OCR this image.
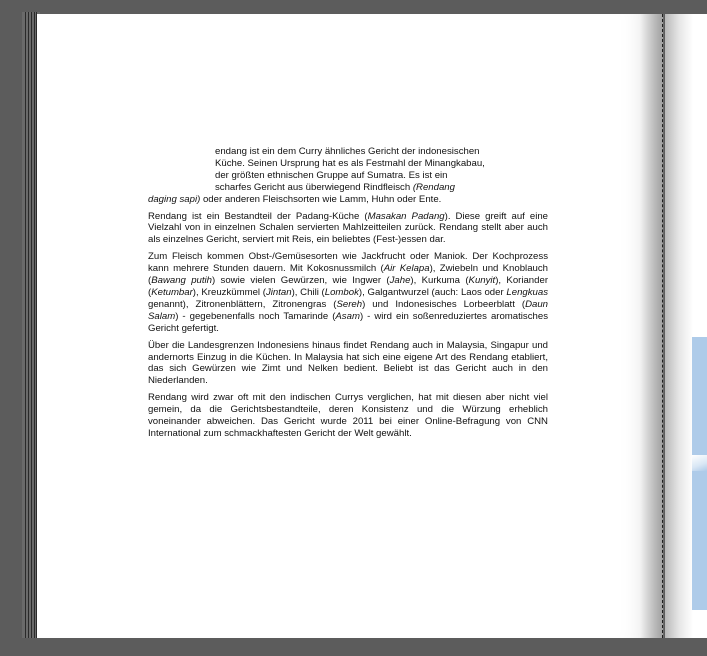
endang ist ein dem Curry ähnliches Gericht der indonesischen
Küche. Seinen Ursprung hat es als Festmahl der Minangkabau,
der größten ethnischen Gruppe auf Sumatra. Es ist ein
scharfes Gericht aus überwiegend Rindfleisch (Rendang
daging sapi) oder anderen Fleischsorten wie Lamm, Huhn oder Ente.

Rendang ist ein Bestandteil der Padang-Küche (Masakan Padang). Diese greift auf eine Vielzahl von in einzelnen Schalen servierten Mahlzeitteilen zurück. Rendang stellt aber auch als einzelnes Gericht, serviert mit Reis, ein beliebtes (Fest-)essen dar.

Zum Fleisch kommen Obst-/Gemüsesorten wie Jackfrucht oder Maniok. Der Kochprozess kann mehrere Stunden dauern. Mit Kokosnussmilch (Air Kelapa), Zwiebeln und Knoblauch (Bawang putih) sowie vielen Gewürzen, wie Ingwer (Jahe), Kurkuma (Kunyit), Koriander (Ketumbar), Kreuzkümmel (Jintan), Chili (Lombok), Galgantwurzel (auch: Laos oder Lengkuas genannt), Zitronenblättern, Zitronengras (Sereh) und Indonesisches Lorbeerblatt (Daun Salam) - gegebenenfalls noch Tamarinde (Asam) - wird ein soßenreduziertes aromatisches Gericht gefertigt.

Über die Landesgrenzen Indonesiens hinaus findet Rendang auch in Malaysia, Singapur und andernorts Einzug in die Küchen. In Malaysia hat sich eine eigene Art des Rendang etabliert, das sich Gewürzen wie Zimt und Nelken bedient. Beliebt ist das Gericht auch in den Niederlanden.

Rendang wird zwar oft mit den indischen Currys verglichen, hat mit diesen aber nicht viel gemein, da die Gerichtsbestandteile, deren Konsistenz und die Würzung erheblich voneinander abweichen. Das Gericht wurde 2011 bei einer Online-Befragung von CNN International zum schmackhaftesten Gericht der Welt gewählt.
